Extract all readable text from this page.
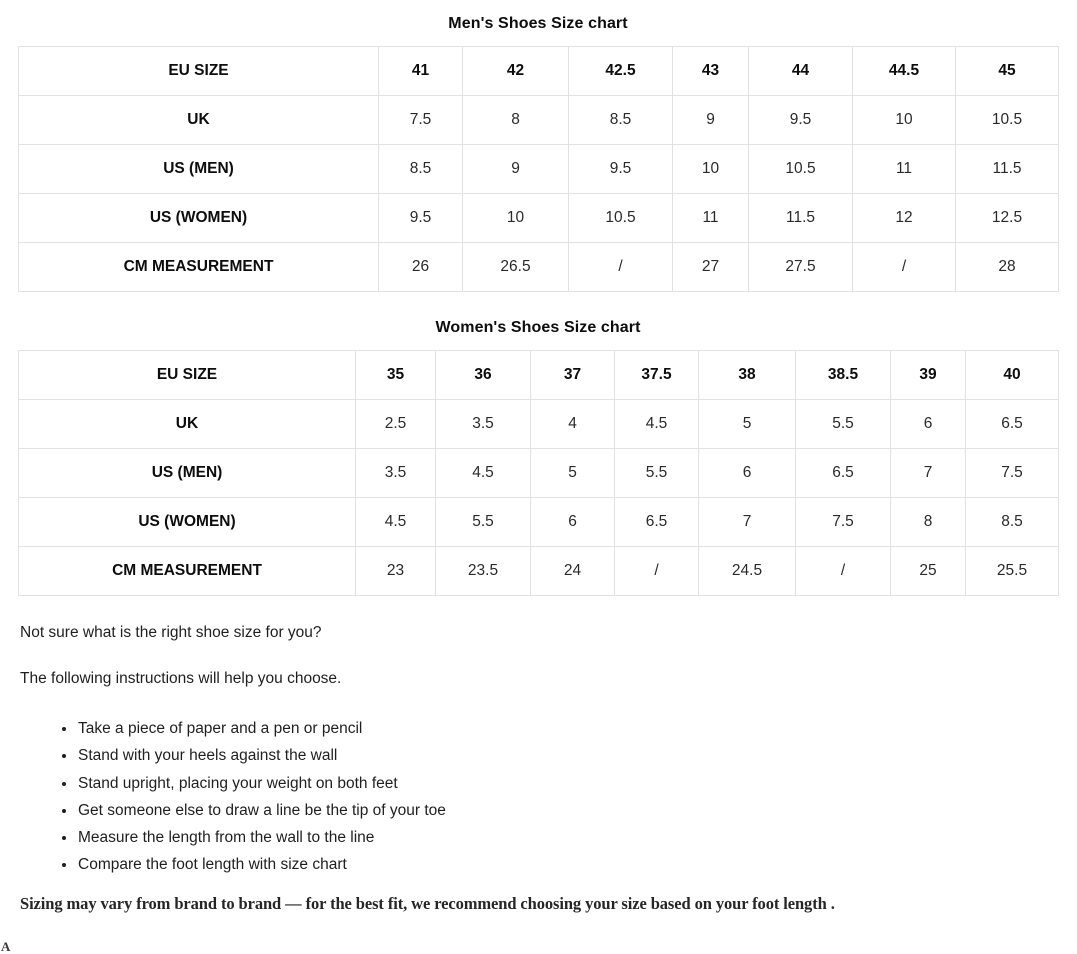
Men's Shoes Size chart
EU SIZE	41	42	42.5	43	44	44.5	45
UK	7.5	8	8.5	9	9.5	10	10.5
US (MEN)	8.5	9	9.5	10	10.5	11	11.5
US (WOMEN)	9.5	10	10.5	11	11.5	12	12.5
CM MEASUREMENT	26	26.5	/	27	27.5	/	28
Women's Shoes Size chart
EU SIZE	35	36	37	37.5	38	38.5	39	40
UK	2.5	3.5	4	4.5	5	5.5	6	6.5
US (MEN)	3.5	4.5	5	5.5	6	6.5	7	7.5
US (WOMEN)	4.5	5.5	6	6.5	7	7.5	8	8.5
CM MEASUREMENT	23	23.5	24	/	24.5	/	25	25.5

Not sure what is the right shoe size for you?

The following instructions will help you choose.

• Take a piece of paper and a pen or pencil
• Stand with your heels against the wall
• Stand upright, placing your weight on both feet
• Get someone else to draw a line be the tip of your toe
• Measure the length from the wall to the line
• Compare the foot length with size chart

Sizing may vary from brand to brand — for the best fit, we recommend choosing your size based on your foot length .

A
